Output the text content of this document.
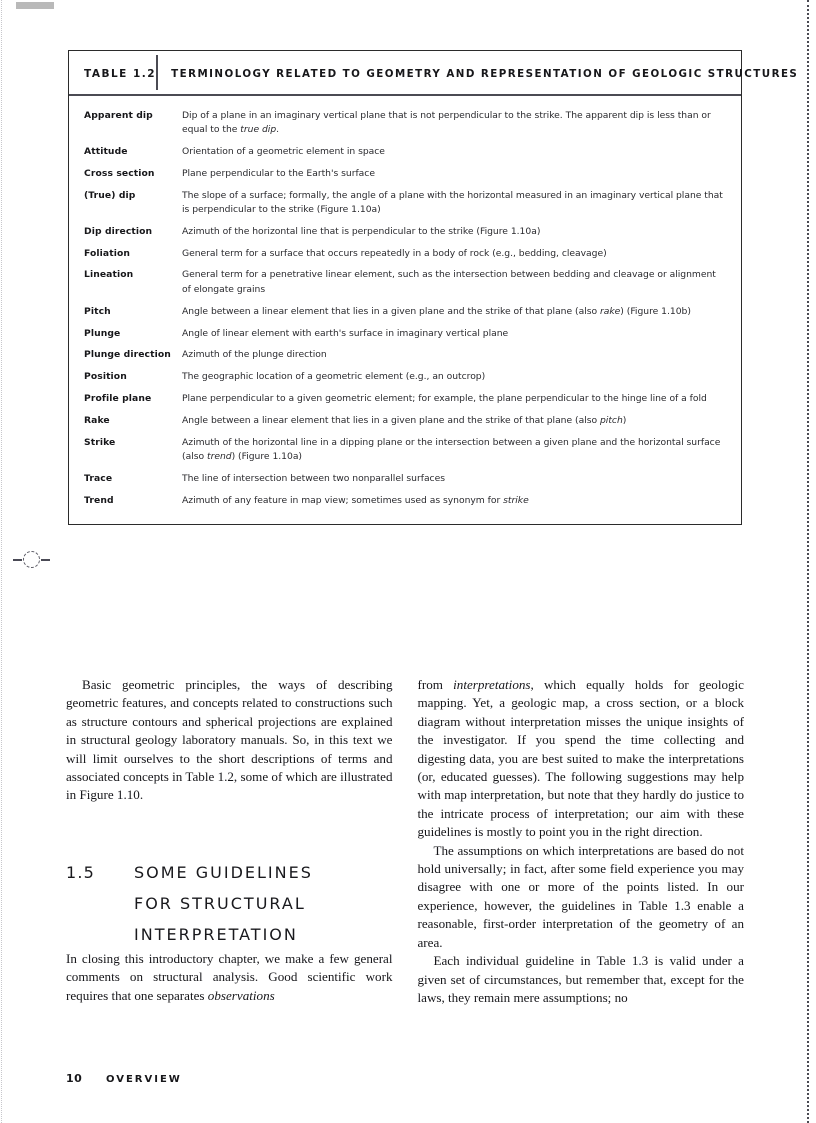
TABLE 1.2	TERMINOLOGY RELATED TO GEOMETRY AND REPRESENTATION OF GEOLOGIC STRUCTURES
Apparent dip	Dip of a plane in an imaginary vertical plane that is not perpendicular to the strike. The apparent dip is less than or equal to the true dip.
Attitude	Orientation of a geometric element in space
Cross section	Plane perpendicular to the Earth's surface
(True) dip	The slope of a surface; formally, the angle of a plane with the horizontal measured in an imaginary vertical plane that is perpendicular to the strike (Figure 1.10a)
Dip direction	Azimuth of the horizontal line that is perpendicular to the strike (Figure 1.10a)
Foliation	General term for a surface that occurs repeatedly in a body of rock (e.g., bedding, cleavage)
Lineation	General term for a penetrative linear element, such as the intersection between bedding and cleavage or alignment of elongate grains
Pitch	Angle between a linear element that lies in a given plane and the strike of that plane (also rake) (Figure 1.10b)
Plunge	Angle of linear element with earth's surface in imaginary vertical plane
Plunge direction	Azimuth of the plunge direction
Position	The geographic location of a geometric element (e.g., an outcrop)
Profile plane	Plane perpendicular to a given geometric element; for example, the plane perpendicular to the hinge line of a fold
Rake	Angle between a linear element that lies in a given plane and the strike of that plane (also pitch)
Strike	Azimuth of the horizontal line in a dipping plane or the intersection between a given plane and the horizontal surface (also trend) (Figure 1.10a)
Trace	The line of intersection between two nonparallel surfaces
Trend	Azimuth of any feature in map view; sometimes used as synonym for strike

Basic geometric principles, the ways of describing geometric features, and concepts related to constructions such as structure contours and spherical projections are explained in structural geology laboratory manuals. So, in this text we will limit ourselves to the short descriptions of terms and associated concepts in Table 1.2, some of which are illustrated in Figure 1.10.

1.5	SOME GUIDELINES
FOR STRUCTURAL
INTERPRETATION

In closing this introductory chapter, we make a few general comments on structural analysis. Good scientific work requires that one separates observations

from interpretations, which equally holds for geologic mapping. Yet, a geologic map, a cross section, or a block diagram without interpretation misses the unique insights of the investigator. If you spend the time collecting and digesting data, you are best suited to make the interpretations (or, educated guesses). The following suggestions may help with map interpretation, but note that they hardly do justice to the intricate process of interpretation; our aim with these guidelines is mostly to point you in the right direction.

The assumptions on which interpretations are based do not hold universally; in fact, after some field experience you may disagree with one or more of the points listed. In our experience, however, the guidelines in Table 1.3 enable a reasonable, first-order interpretation of the geometry of an area.

Each individual guideline in Table 1.3 is valid under a given set of circumstances, but remember that, except for the laws, they remain mere assumptions; no

10	OVERVIEW
